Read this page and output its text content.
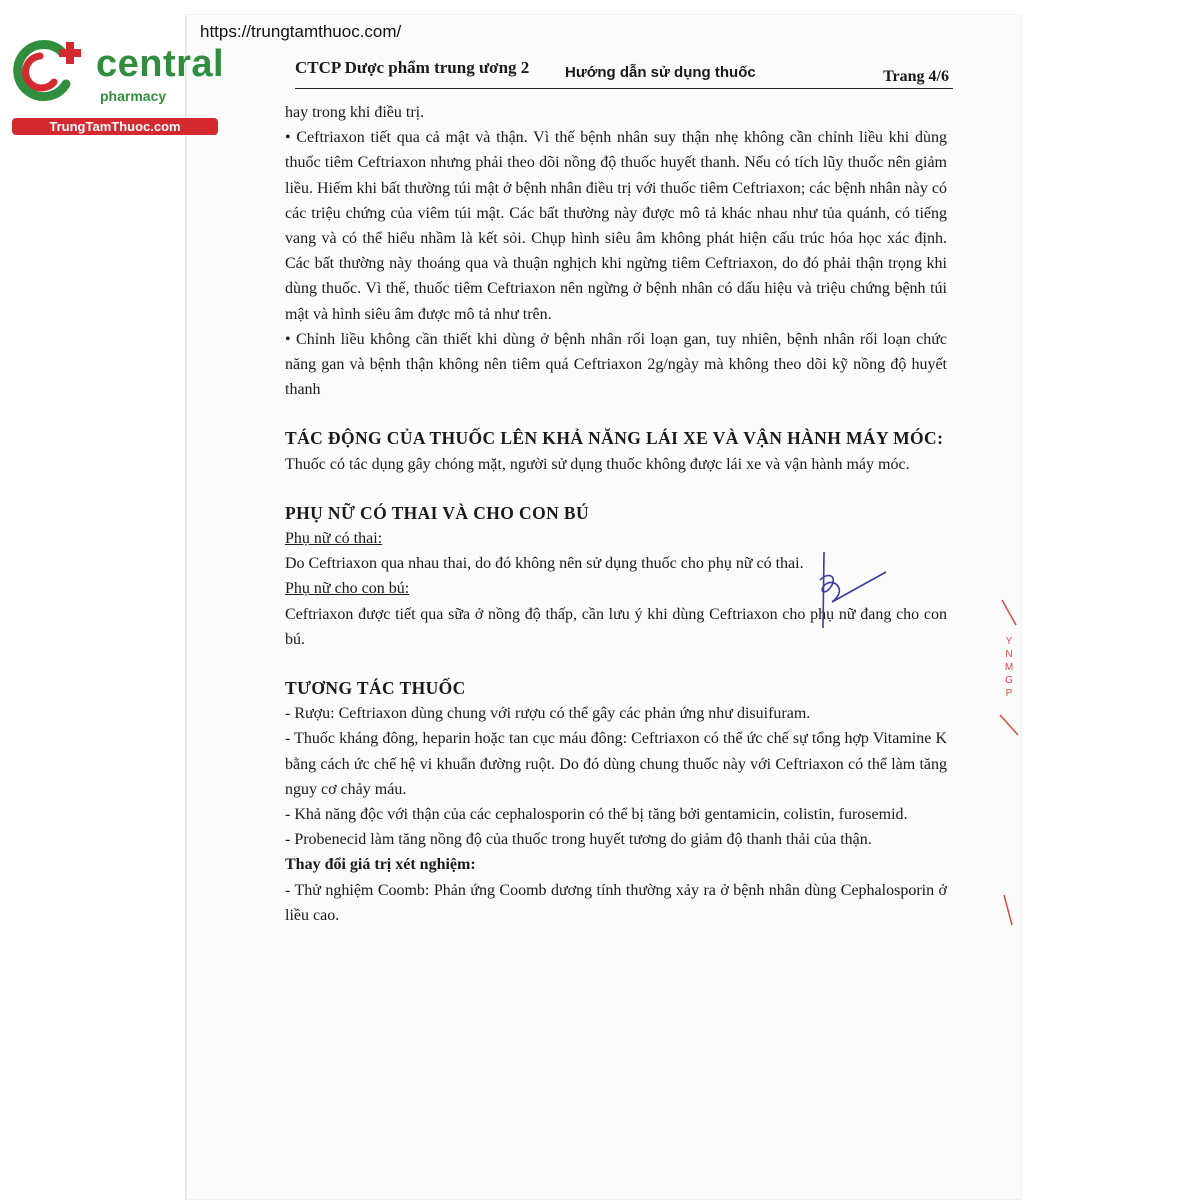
https://trungtamthuoc.com/
central
pharmacy
TrungTamThuoc.com
CTCP Dược phẩm trung ương 2 Hướng dẫn sử dụng thuốc	Trang 4/6

hay trong khi điều trị.

• Ceftriaxon tiết qua cả mật và thận. Vì thế bệnh nhân suy thận nhẹ không cần chỉnh liều khi dùng thuốc tiêm Ceftriaxon nhưng phải theo dõi nồng độ thuốc huyết thanh. Nếu có tích lũy thuốc nên giảm liều. Hiếm khi bất thường túi mật ở bệnh nhân điều trị với thuốc tiêm Ceftriaxon; các bệnh nhân này có các triệu chứng của viêm túi mật. Các bất thường này được mô tả khác nhau như tủa quánh, có tiếng vang và có thể hiểu nhầm là kết sỏi. Chụp hình siêu âm không phát hiện cấu trúc hóa học xác định. Các bất thường này thoáng qua và thuận nghịch khi ngừng tiêm Ceftriaxon, do đó phải thận trọng khi dùng thuốc. Vì thế, thuốc tiêm Ceftriaxon nên ngừng ở bệnh nhân có dấu hiệu và triệu chứng bệnh túi mật và hình siêu âm được mô tả như trên.

• Chỉnh liều không cần thiết khi dùng ở bệnh nhân rối loạn gan, tuy nhiên, bệnh nhân rối loạn chức năng gan và bệnh thận không nên tiêm quá Ceftriaxon 2g/ngày mà không theo dõi kỹ nồng độ huyết thanh

TÁC ĐỘNG CỦA THUỐC LÊN KHẢ NĂNG LÁI XE VÀ VẬN HÀNH MÁY MÓC:

Thuốc có tác dụng gây chóng mặt, người sử dụng thuốc không được lái xe và vận hành máy móc.

PHỤ NỮ CÓ THAI VÀ CHO CON BÚ

Phụ nữ có thai:

Do Ceftriaxon qua nhau thai, do đó không nên sử dụng thuốc cho phụ nữ có thai.

Phụ nữ cho con bú:

Ceftriaxon được tiết qua sữa ở nồng độ thấp, cần lưu ý khi dùng Ceftriaxon cho phụ nữ đang cho con bú.

TƯƠNG TÁC THUỐC

- Rượu: Ceftriaxon dùng chung với rượu có thể gây các phản ứng như disuifuram.

- Thuốc kháng đông, heparin hoặc tan cục máu đông: Ceftriaxon có thể ức chế sự tổng hợp Vitamine K bằng cách ức chế hệ vi khuẩn đường ruột. Do đó dùng chung thuốc này với Ceftriaxon có thể làm tăng nguy cơ chảy máu.

- Khả năng độc với thận của các cephalosporin có thể bị tăng bởi gentamicin, colistin, furosemid.

- Probenecid làm tăng nồng độ của thuốc trong huyết tương do giảm độ thanh thải của thận.

Thay đổi giá trị xét nghiệm:

- Thử nghiệm Coomb: Phản ứng Coomb dương tính thường xảy ra ở bệnh nhân dùng Cephalosporin ở liều cao.

Y N M G P
